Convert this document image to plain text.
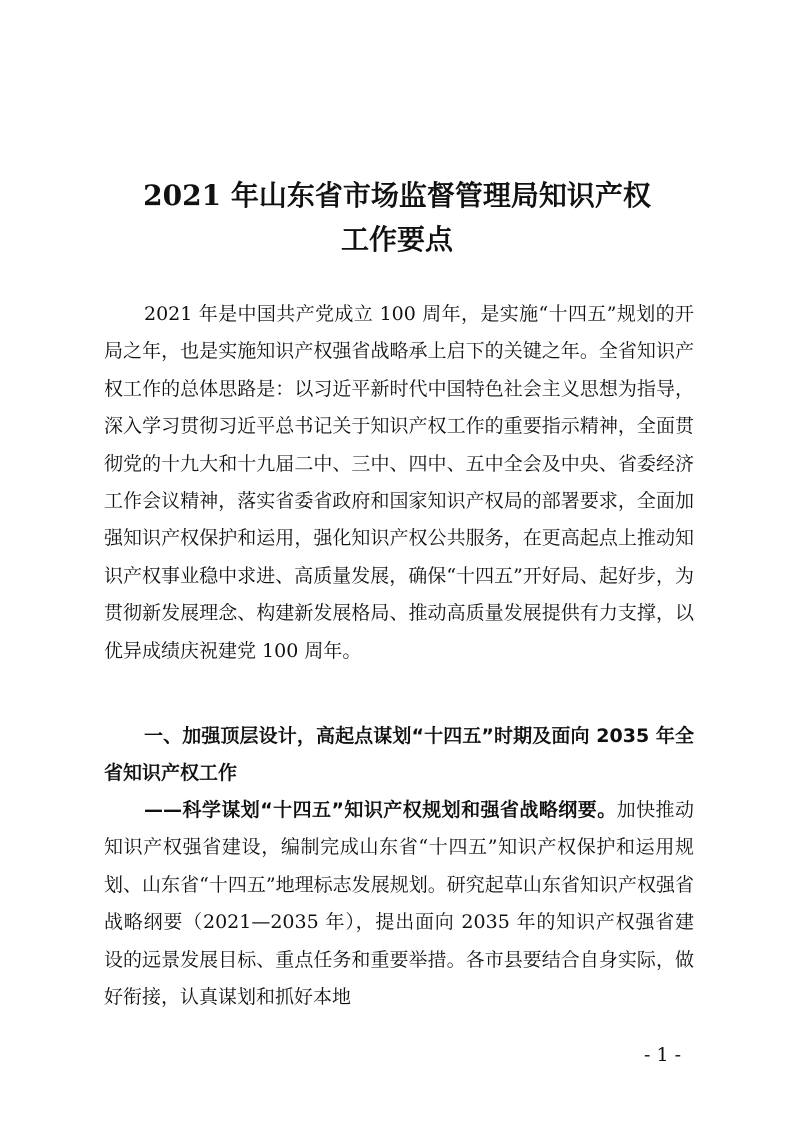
2021 年山东省市场监督管理局知识产权
工作要点

2021 年是中国共产党成立 100 周年，是实施“十四五”规划的开局之年，也是实施知识产权强省战略承上启下的关键之年。全省知识产权工作的总体思路是：以习近平新时代中国特色社会主义思想为指导，深入学习贯彻习近平总书记关于知识产权工作的重要指示精神，全面贯彻党的十九大和十九届二中、三中、四中、五中全会及中央、省委经济工作会议精神，落实省委省政府和国家知识产权局的部署要求，全面加强知识产权保护和运用，强化知识产权公共服务，在更高起点上推动知识产权事业稳中求进、高质量发展，确保“十四五”开好局、起好步，为贯彻新发展理念、构建新发展格局、推动高质量发展提供有力支撑，以优异成绩庆祝建党 100 周年。

一、加强顶层设计，高起点谋划“十四五”时期及面向 2035 年全省知识产权工作

——科学谋划“十四五”知识产权规划和强省战略纲要。加快推动知识产权强省建设，编制完成山东省“十四五”知识产权保护和运用规划、山东省“十四五”地理标志发展规划。研究起草山东省知识产权强省战略纲要（2021—2035 年），提出面向 2035 年的知识产权强省建设的远景发展目标、重点任务和重要举措。各市县要结合自身实际，做好衔接，认真谋划和抓好本地

- 1 -
